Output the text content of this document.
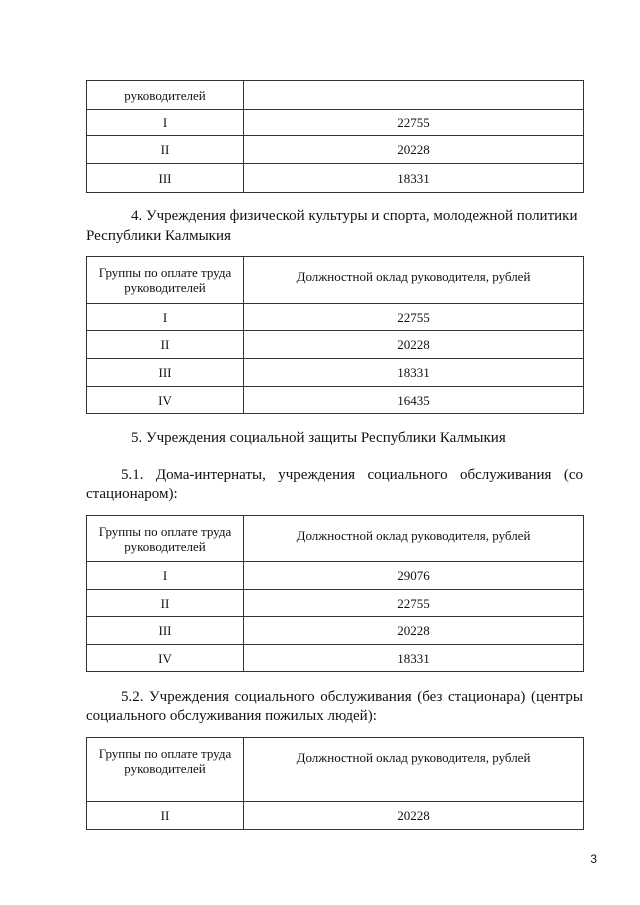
руководителей	
I	22755
II	20228
III	18331
4. Учреждения физической культуры и спорта, молодежной политики
Республики Калмыкия
Группы по оплате труда руководителей	Должностной оклад руководителя, рублей
I	22755
II	20228
III	18331
IV	16435
5. Учреждения социальной защиты Республики Калмыкия
5.1. Дома-интернаты, учреждения социального обслуживания (со
стационаром):
Группы по оплате труда руководителей	Должностной оклад руководителя, рублей
I	29076
II	22755
III	20228
IV	18331
5.2. Учреждения социального обслуживания (без стационара) (центры
социального обслуживания пожилых людей):
Группы по оплате труда руководителей	Должностной оклад руководителя, рублей
II	20228
3
